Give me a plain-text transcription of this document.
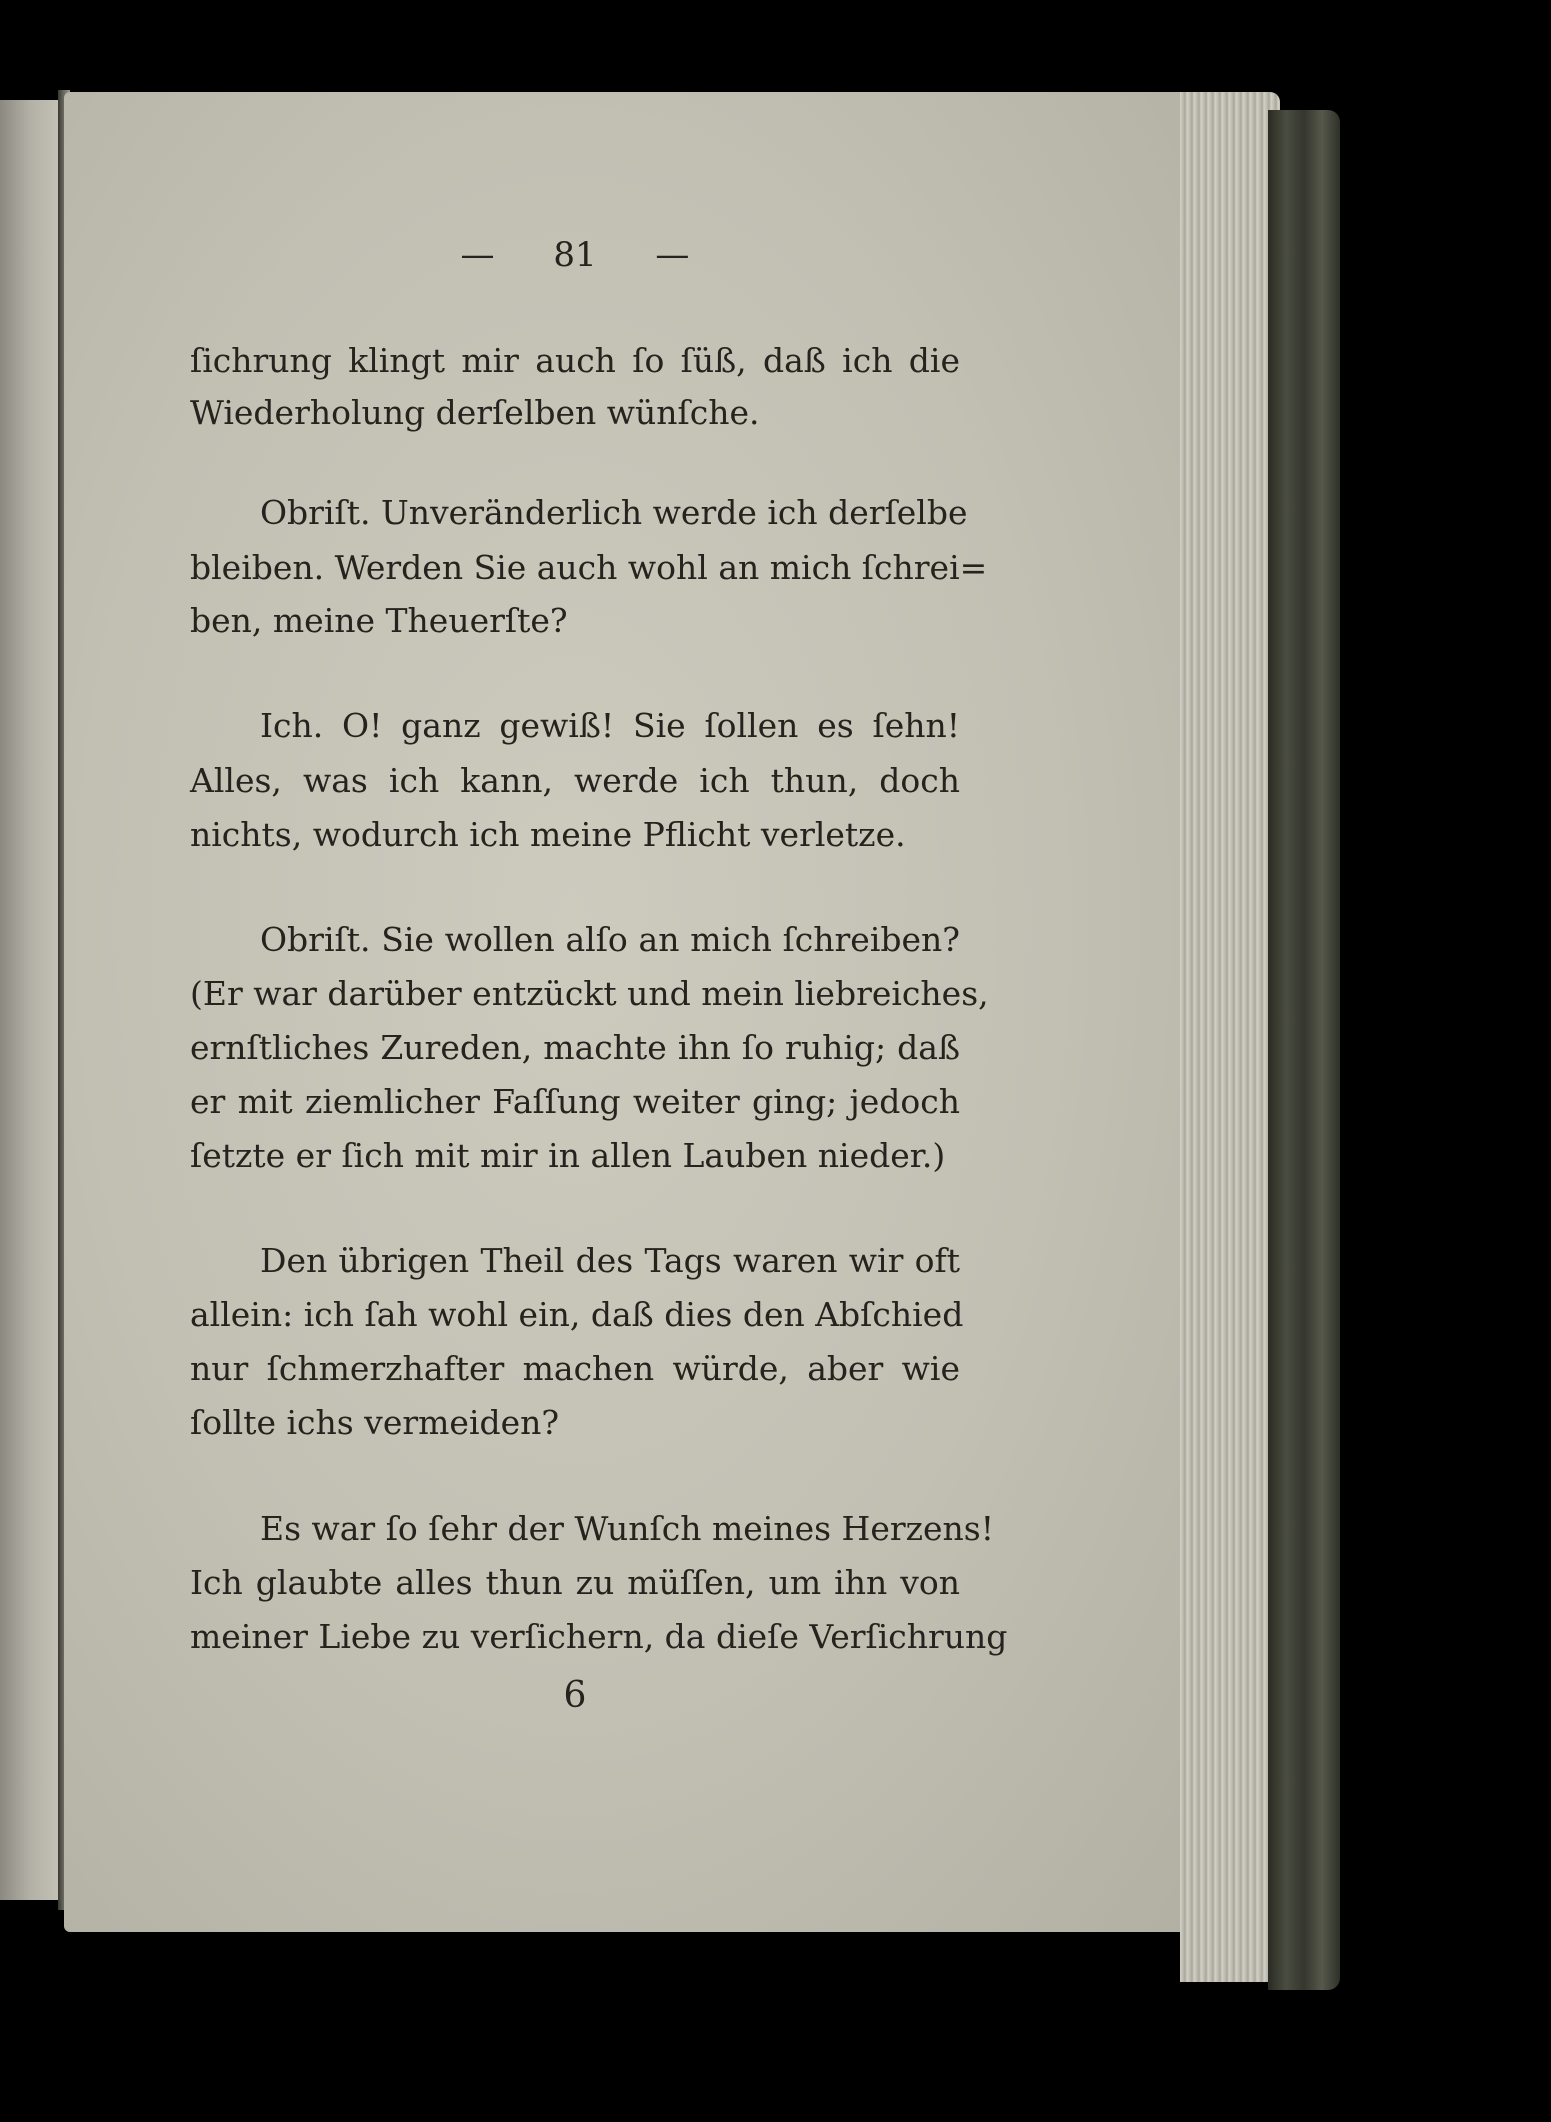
— 81 —
ſichrung klingt mir auch ſo ſüß, daß ich die
Wiederholung derſelben wünſche.
Obriſt. Unveränderlich werde ich derſelbe
bleiben. Werden Sie auch wohl an mich ſchrei=
ben, meine Theuerſte?
Ich. O! ganz gewiß! Sie ſollen es ſehn!
Alles, was ich kann, werde ich thun, doch
nichts, wodurch ich meine Pflicht verletze.
Obriſt. Sie wollen alſo an mich ſchreiben?
(Er war darüber entzückt und mein liebreiches,
ernſtliches Zureden, machte ihn ſo ruhig; daß
er mit ziemlicher Faſſung weiter ging; jedoch
ſetzte er ſich mit mir in allen Lauben nieder.)
Den übrigen Theil des Tags waren wir oft
allein: ich ſah wohl ein, daß dies den Abſchied
nur ſchmerzhafter machen würde, aber wie
ſollte ichs vermeiden?
Es war ſo ſehr der Wunſch meines Herzens!
Ich glaubte alles thun zu müſſen, um ihn von
meiner Liebe zu verſichern, da dieſe Verſichrung
6
